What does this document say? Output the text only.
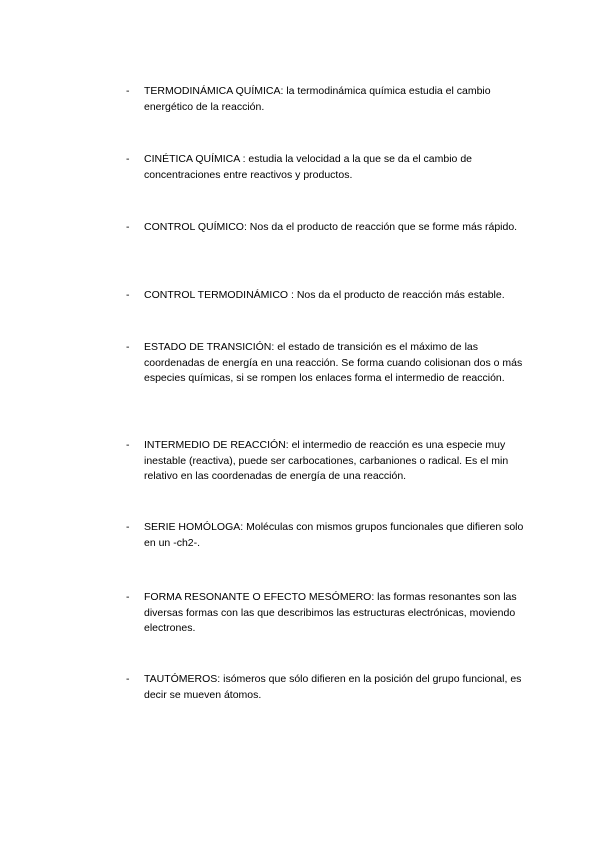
-	TERMODINÁMICA QUÍMICA: la termodinámica química estudia el cambio energético de la reacción.
-	CINÉTICA QUÍMICA : estudia la velocidad a la que se da el cambio de concentraciones entre reactivos y productos.
-	CONTROL QUÍMICO: Nos da el producto de reacción que se forme más rápido.
-	CONTROL TERMODINÁMICO : Nos da el producto de reacción más estable.
-	ESTADO DE TRANSICIÓN: el estado de transición es el máximo de las coordenadas de energía en una reacción. Se forma cuando colisionan dos o más especies químicas, si se rompen los enlaces forma el intermedio de reacción.
-	INTERMEDIO DE REACCIÓN: el intermedio de reacción es una especie muy inestable (reactiva), puede ser carbocationes, carbaniones o radical. Es el min relativo en las coordenadas de energía de una reacción.
-	SERIE HOMÓLOGA: Moléculas con mismos grupos funcionales que difieren solo en un -ch2-.
-	FORMA RESONANTE O EFECTO MESÓMERO: las formas resonantes son las diversas formas con las que describimos las estructuras electrónicas, moviendo electrones.
-	TAUTÓMEROS: isómeros que sólo difieren en la posición del grupo funcional, es decir se mueven átomos.
